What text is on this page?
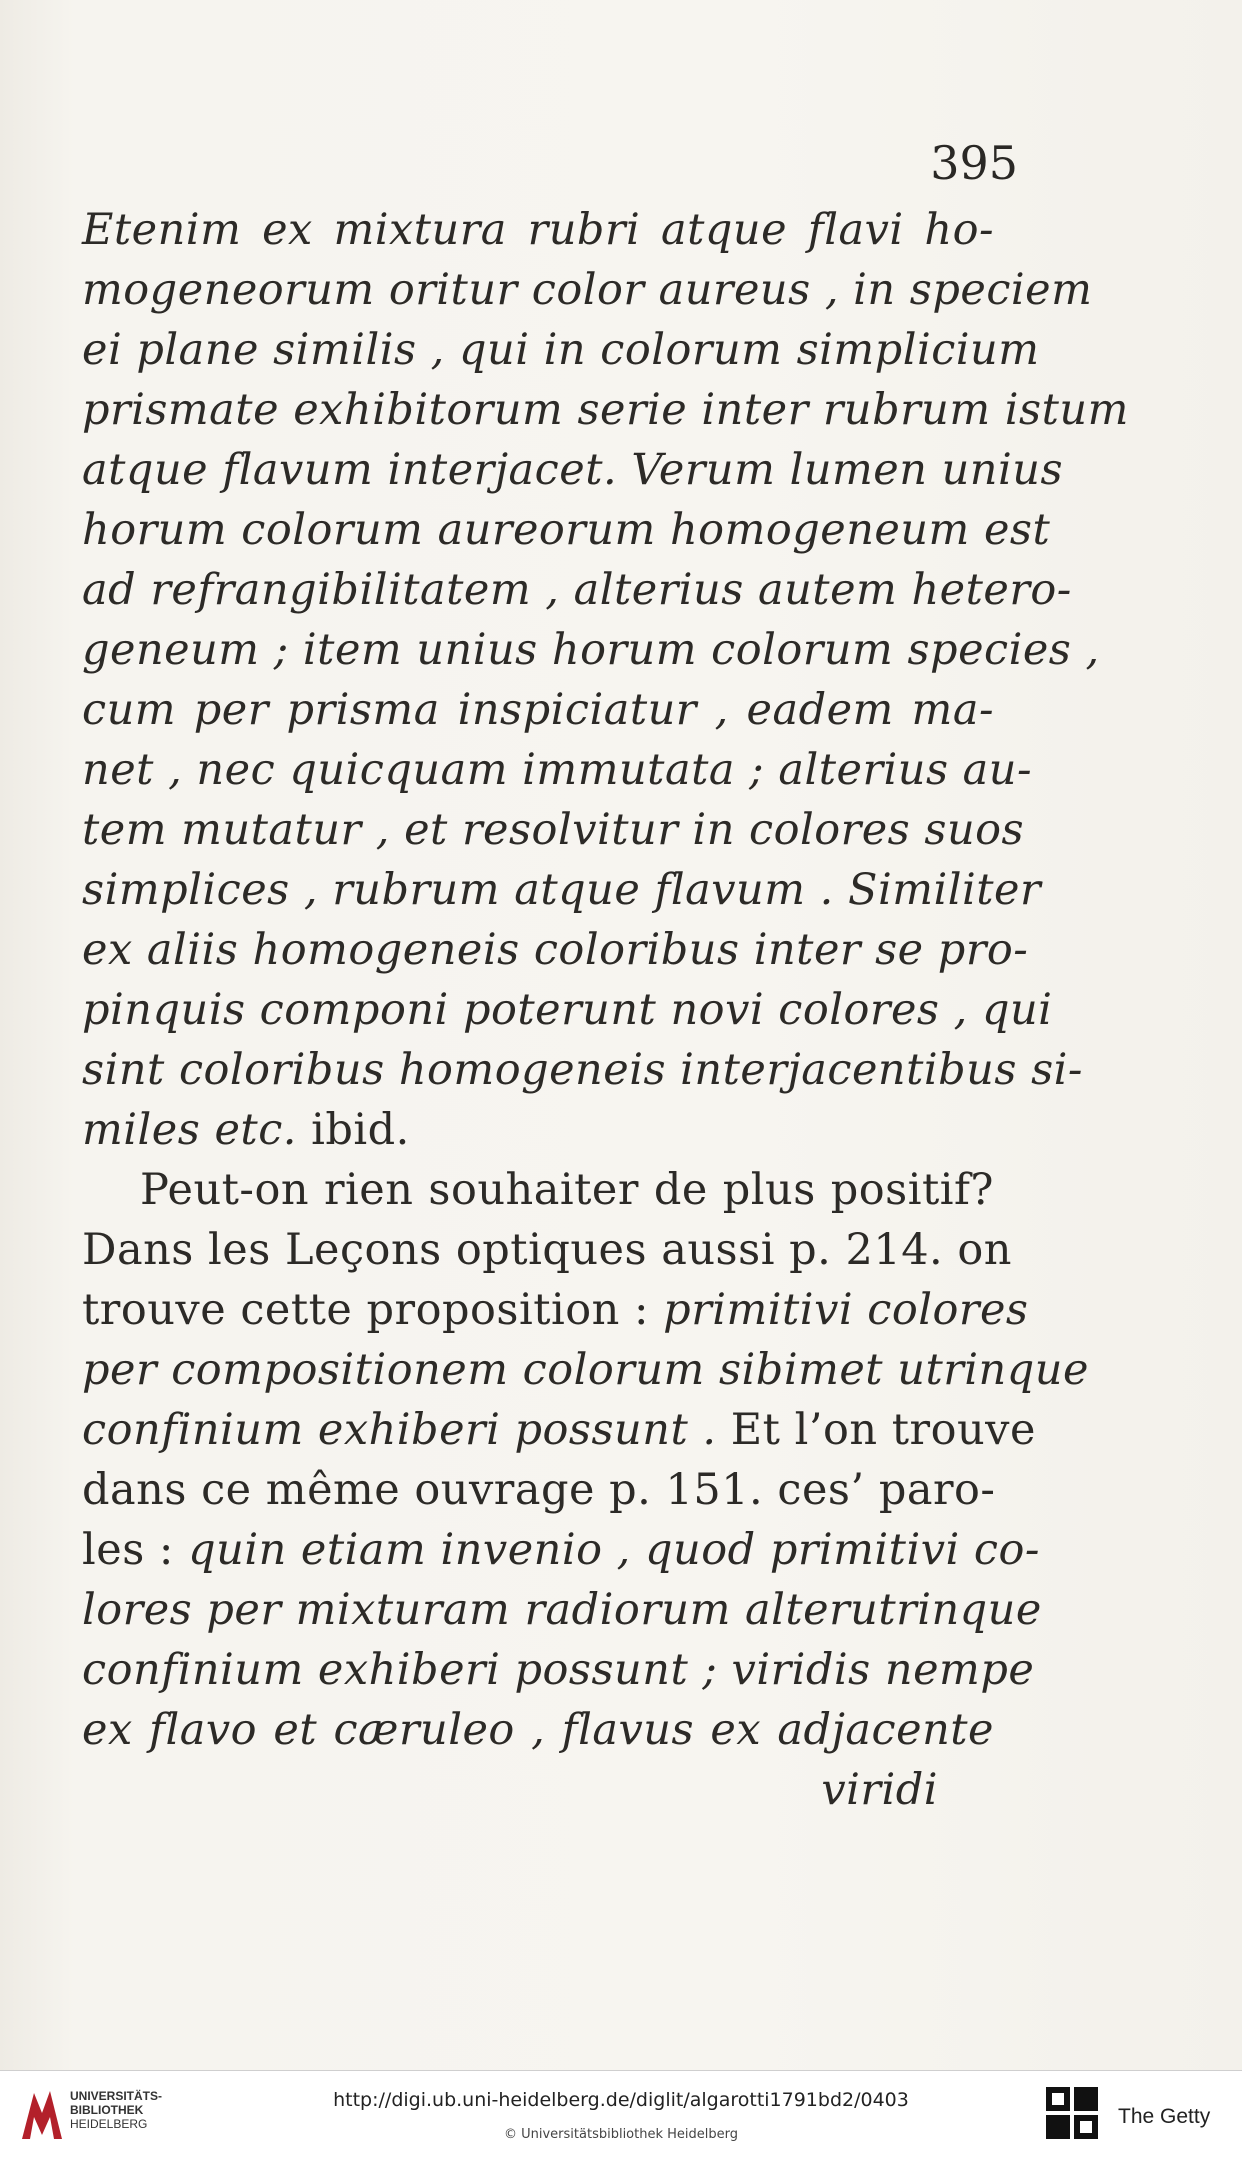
395
Etenim ex mixtura rubri atque flavi ho-
mogeneorum oritur color aureus , in speciem
ei plane similis , qui in colorum simplicium
prismate exhibitorum serie inter rubrum istum
atque flavum interjacet. Verum lumen unius
horum colorum aureorum homogeneum est
ad refrangibilitatem , alterius autem hetero-
geneum ; item unius horum colorum species ,
cum per prisma inspiciatur , eadem ma-
net , nec quicquam immutata ; alterius au-
tem mutatur , et resolvitur in colores suos
simplices , rubrum atque flavum . Similiter
ex aliis homogeneis coloribus inter se pro-
pinquis componi poterunt novi colores , qui
sint coloribus homogeneis interjacentibus si-
miles etc. ibid.
Peut-on rien souhaiter de plus positif?
Dans les Leçons optiques aussi p. 214. on
trouve cette proposition : primitivi colores
per compositionem colorum sibimet utrinque
confinium exhiberi possunt . Et l’on trouve
dans ce même ouvrage p. 151. ces’ paro-
les : quin etiam invenio , quod primitivi co-
lores per mixturam radiorum alterutrinque
confinium exhiberi possunt ; viridis nempe
ex flavo et cæruleo , flavus ex adjacente
viridi
UNIVERSITÄTS-
BIBLIOTHEK
HEIDELBERG
http://digi.ub.uni-heidelberg.de/diglit/algarotti1791bd2/0403
© Universitätsbibliothek Heidelberg
The Getty
